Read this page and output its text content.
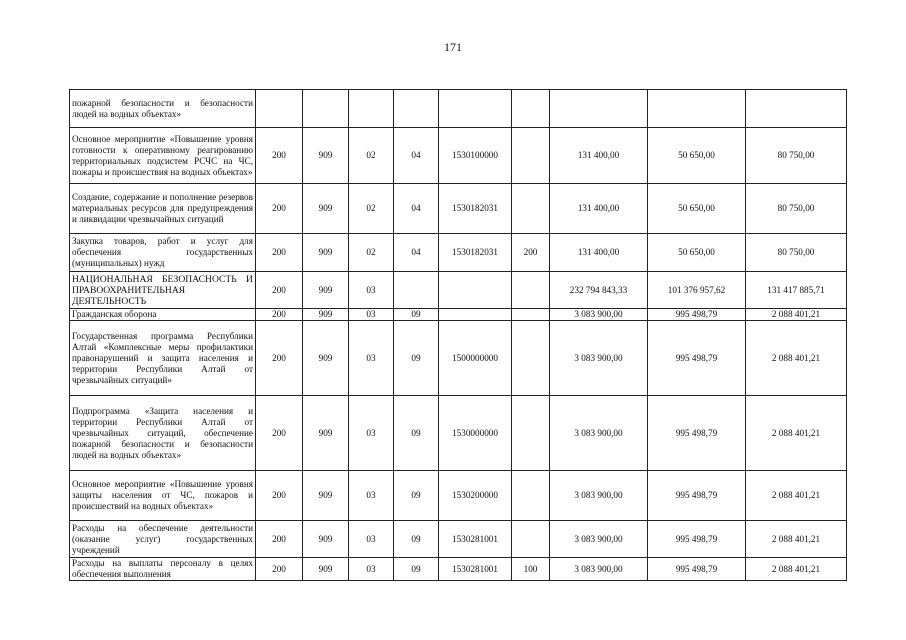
171
пожарной безопасности и безопасности людей на водных объектах»									
Основное мероприятие «Повышение уровня готовности к оперативному реагированию территориальных подсистем РСЧС на ЧС, пожары и происшествия на водных объектах»	200	909	02	04	1530100000		131 400,00	50 650,00	80 750,00
Создание, содержание и пополнение резервов материальных ресурсов для предупреждения и ликвидации чрезвычайных ситуаций	200	909	02	04	1530182031		131 400,00	50 650,00	80 750,00
Закупка товаров, работ и услуг для обеспечения государственных (муниципальных) нужд	200	909	02	04	1530182031	200	131 400,00	50 650,00	80 750,00
НАЦИОНАЛЬНАЯ БЕЗОПАСНОСТЬ И ПРАВООХРАНИТЕЛЬНАЯ ДЕЯТЕЛЬНОСТЬ	200	909	03				232 794 843,33	101 376 957,62	131 417 885,71
Гражданская оборона	200	909	03	09			3 083 900,00	995 498,79	2 088 401,21
Государственная программа Республики Алтай «Комплексные меры профилактики правонарушений и защита населения и территории Республики Алтай от чрезвычайных ситуаций»	200	909	03	09	1500000000		3 083 900,00	995 498,79	2 088 401,21
Подпрограмма «Защита населения и территории Республики Алтай от чрезвычайных ситуаций, обеспечение пожарной безопасности и безопасности людей на водных объектах»	200	909	03	09	1530000000		3 083 900,00	995 498,79	2 088 401,21
Основное мероприятие «Повышение уровня защиты населения от ЧС, пожаров и происшествий на водных объектах»	200	909	03	09	1530200000		3 083 900,00	995 498,79	2 088 401,21
Расходы на обеспечение деятельности (оказание услуг) государственных учреждений	200	909	03	09	1530281001		3 083 900,00	995 498,79	2 088 401,21
Расходы на выплаты персоналу в целях обеспечения выполнения	200	909	03	09	1530281001	100	3 083 900,00	995 498,79	2 088 401,21
